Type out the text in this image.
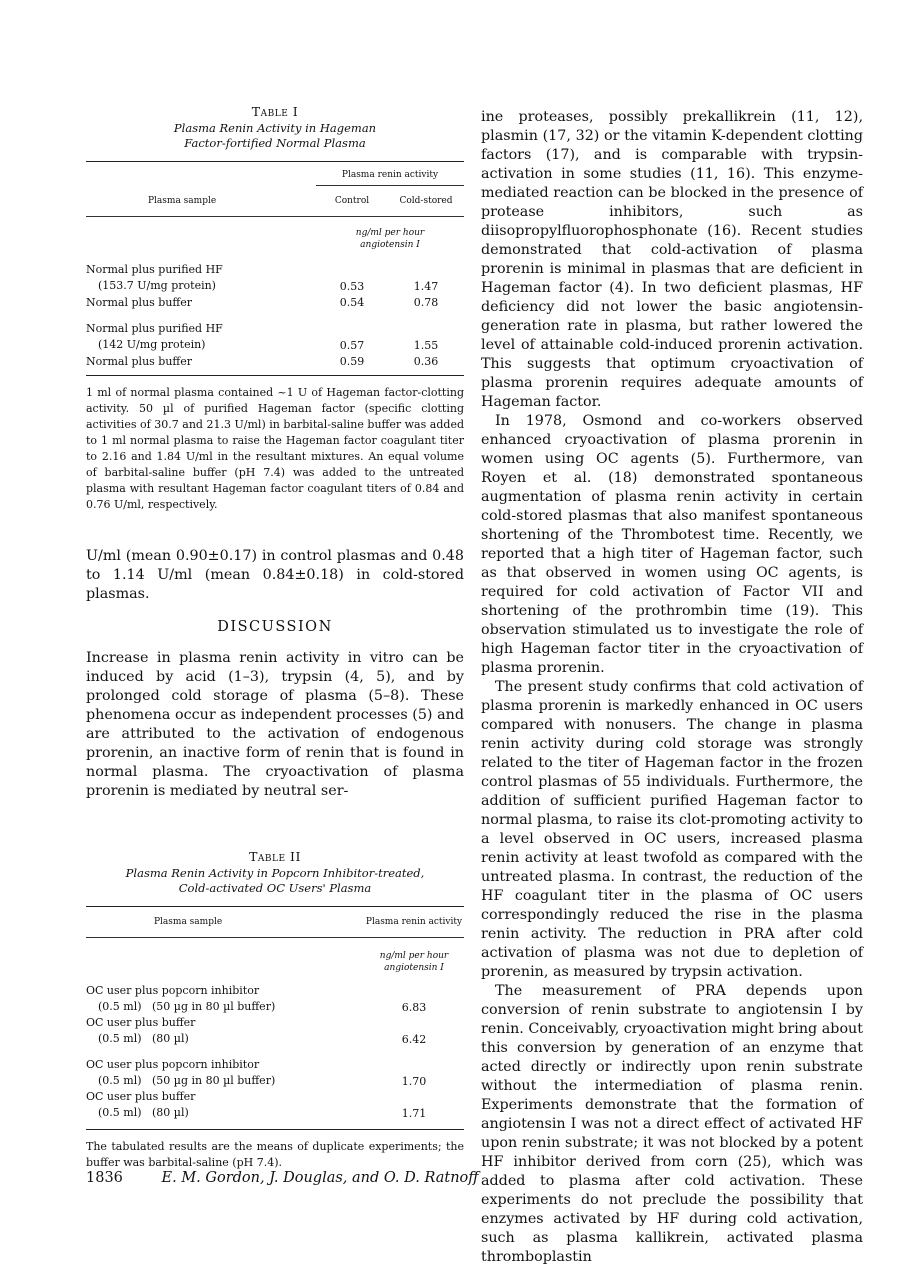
Table I
Plasma Renin Activity in Hageman Factor-fortified Normal Plasma
	Plasma renin activity	
Plasma sample	Control	Cold-stored

	ng/ml per hour
angiotensin I	

Normal plus purified HF
(153.7 U/mg protein)	0.53	1.47
Normal plus buffer	0.54	0.78

Normal plus purified HF
(142 U/mg protein)	0.57	1.55
Normal plus buffer	0.59	0.36
1 ml of normal plasma contained ~1 U of Hageman factor-clotting activity. 50 µl of purified Hageman factor (specific clotting activities of 30.7 and 21.3 U/ml) in barbital-saline buffer was added to 1 ml normal plasma to raise the Hageman factor coagulant titer to 2.16 and 1.84 U/ml in the resultant mixtures. An equal volume of barbital-saline buffer (pH 7.4) was added to the untreated plasma with resultant Hageman factor coagulant titers of 0.84 and 0.76 U/ml, respectively.

U/ml (mean 0.90±0.17) in control plasmas and 0.48 to 1.14 U/ml (mean 0.84±0.18) in cold-stored plasmas.

DISCUSSION

Increase in plasma renin activity in vitro can be induced by acid (1–3), trypsin (4, 5), and by prolonged cold storage of plasma (5–8). These phenomena occur as independent processes (5) and are attributed to the activation of endogenous prorenin, an inactive form of renin that is found in normal plasma. The cryoactivation of plasma prorenin is mediated by neutral ser-

Table II
Plasma Renin Activity in Popcorn Inhibitor-treated,
Cold-activated OC Users' Plasma
Plasma sample	Plasma renin activity

	ng/ml per hour
angiotensin I

OC user plus popcorn inhibitor
(0.5 ml)   (50 µg in 80 µl buffer)	6.83

OC user plus buffer
(0.5 ml)   (80 µl)	6.42

OC user plus popcorn inhibitor
(0.5 ml)   (50 µg in 80 µl buffer)	1.70

OC user plus buffer
(0.5 ml)   (80 µl)	1.71
The tabulated results are the means of duplicate experiments; the buffer was barbital-saline (pH 7.4).

ine proteases, possibly prekallikrein (11, 12), plasmin (17, 32) or the vitamin K-dependent clotting factors (17), and is comparable with trypsin-activation in some studies (11, 16). This enzyme-mediated reaction can be blocked in the presence of protease inhibitors, such as diisopropylfluorophosphonate (16). Recent studies demonstrated that cold-activation of plasma prorenin is minimal in plasmas that are deficient in Hageman factor (4). In two deficient plasmas, HF deficiency did not lower the basic angiotensin-generation rate in plasma, but rather lowered the level of attainable cold-induced prorenin activation. This suggests that optimum cryoactivation of plasma prorenin requires adequate amounts of Hageman factor.

In 1978, Osmond and co-workers observed enhanced cryoactivation of plasma prorenin in women using OC agents (5). Furthermore, van Royen et al. (18) demonstrated spontaneous augmentation of plasma renin activity in certain cold-stored plasmas that also manifest spontaneous shortening of the Thrombotest time. Recently, we reported that a high titer of Hageman factor, such as that observed in women using OC agents, is required for cold activation of Factor VII and shortening of the prothrombin time (19). This observation stimulated us to investigate the role of high Hageman factor titer in the cryoactivation of plasma prorenin.

The present study confirms that cold activation of plasma prorenin is markedly enhanced in OC users compared with nonusers. The change in plasma renin activity during cold storage was strongly related to the titer of Hageman factor in the frozen control plasmas of 55 individuals. Furthermore, the addition of sufficient purified Hageman factor to normal plasma, to raise its clot-promoting activity to a level observed in OC users, increased plasma renin activity at least twofold as compared with the untreated plasma. In contrast, the reduction of the HF coagulant titer in the plasma of OC users correspondingly reduced the rise in the plasma renin activity. The reduction in PRA after cold activation of plasma was not due to depletion of prorenin, as measured by trypsin activation.

The measurement of PRA depends upon conversion of renin substrate to angiotensin I by renin. Conceivably, cryoactivation might bring about this conversion by generation of an enzyme that acted directly or indirectly upon renin substrate without the intermediation of plasma renin. Experiments demonstrate that the formation of angiotensin I was not a direct effect of activated HF upon renin substrate; it was not blocked by a potent HF inhibitor derived from corn (25), which was added to plasma after cold activation. These experiments do not preclude the possibility that enzymes activated by HF during cold activation, such as plasma kallikrein, activated plasma thromboplastin

1836	E. M. Gordon, J. Douglas, and O. D. Ratnoff
